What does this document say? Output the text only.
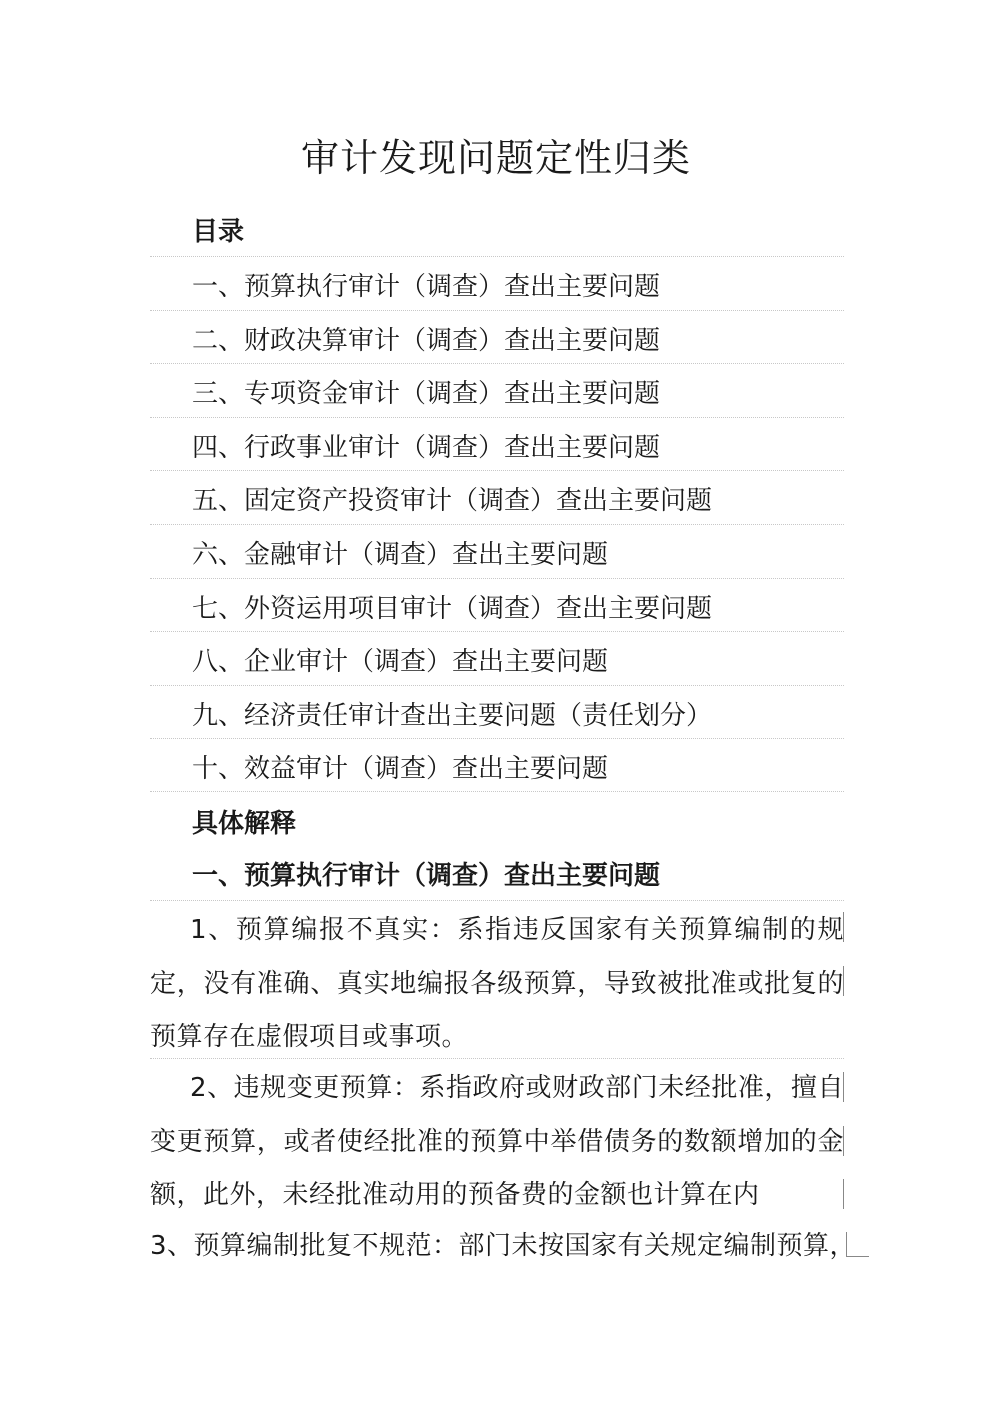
审计发现问题定性归类
目录
一、预算执行审计（调查）查出主要问题
二、财政决算审计（调查）查出主要问题
三、专项资金审计（调查）查出主要问题
四、行政事业审计（调查）查出主要问题
五、固定资产投资审计（调查）查出主要问题
六、金融审计（调查）查出主要问题
七、外资运用项目审计（调查）查出主要问题
八、企业审计（调查）查出主要问题
九、经济责任审计查出主要问题（责任划分）
十、效益审计（调查）查出主要问题
具体解释
一、预算执行审计（调查）查出主要问题

1、预算编报不真实：系指违反国家有关预算编制的规定，没有准确、真实地编报各级预算，导致被批准或批复的预算存在虚假项目或事项。

2、违规变更预算：系指政府或财政部门未经批准，擅自变更预算，或者使经批准的预算中举借债务的数额增加的金额，此外，未经批准动用的预备费的金额也计算在内

3、预算编制批复不规范：部门未按国家有关规定编制预算，
